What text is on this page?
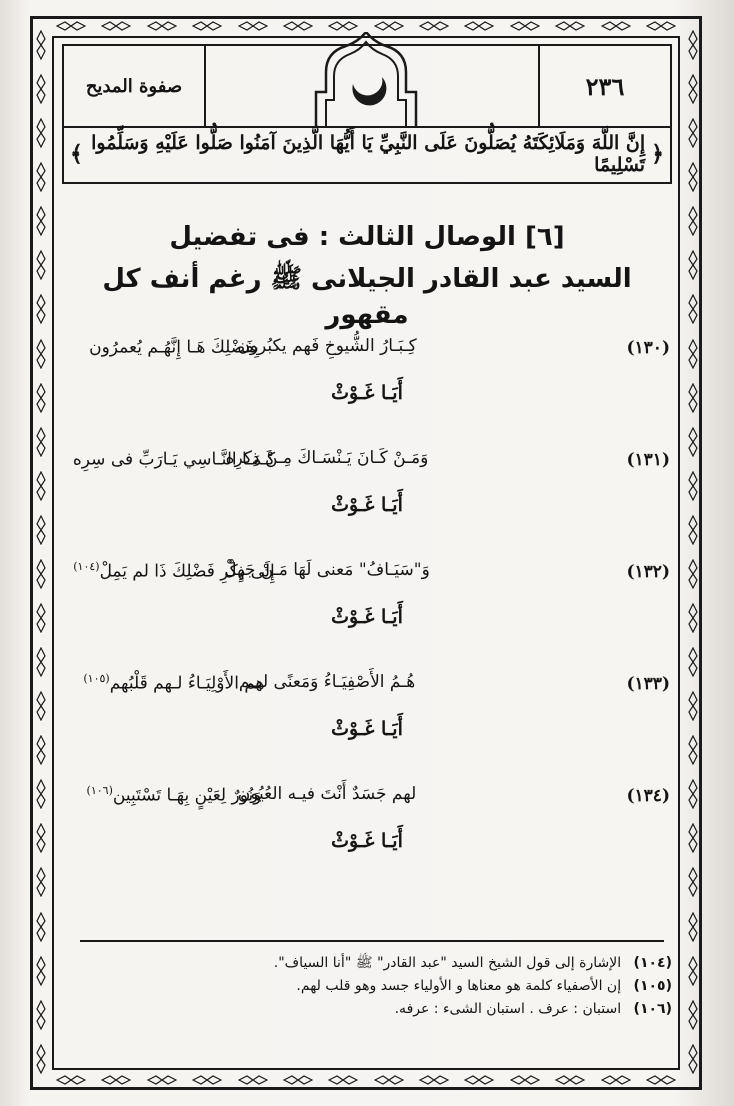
صفوة المديح	٢٣٦
﴿
إِنَّ اللَّهَ وَمَلَائِكَتَهُ يُصَلُّونَ عَلَى النَّبِيِّ يَا أَيُّهَا الَّذِينَ آمَنُوا صَلُّوا عَلَيْهِ وَسَلِّمُوا تَسْلِيمًا
﴾
[٦] الوصال الثالث : فى تفضيل
السيد عبد القادر الجيلانى ﷺ رغم أنف كل مقهور
(١٣٠)
كِـبَـارُ الشُّيوخِ فَهم يكبُرون
بِفَضْلِكَ هَـا إِنَّهُـم يُعمرُون
أَيَـا غَـوْثْ
(١٣١)
وَمَـنْ كَـانَ يَـنْسَـاكَ مِـنْ ذِكرِه
كَـمَـا النَّـاسِي يَـارَبِّ فى سِرِه
أَيَـا غَـوْثْ
(١٣٢)
وَ"سَيَـافُ" مَعنى لَهَا مَـنْ جَهِلْ
إِلَى ذِكْرِ فَضْلِكَ ذَا لم يَمِلْ$^{(١٠٤)}$
أَيَـا غَـوْثْ
(١٣٣)
هُـمُ الأَصْفِيَـاءُ وَمَعنًى لهـم
هم الأَوْلِيَـاءُ لـهم قَلْبُهم$^{(١٠٥)}$
أَيَـا غَـوْثْ
(١٣٤)
لهم جَسَدٌ أَنْتَ فيـه العُيُون
وَنُورٌ لِعَيْنٍ بِهَـا تَسْتَبِين$^{(١٠٦)}$
أَيَـا غَـوْثْ
(١٠٤) الإشارة إلى قول الشيخ السيد "عبد القادر" ﷺ "أنا السياف".
(١٠٥) إن الأصفياء كلمة هو معناها و الأولياء جسد وهو قلب لهم.
(١٠٦) استبان : عرف . استبان الشىء : عرفه.
